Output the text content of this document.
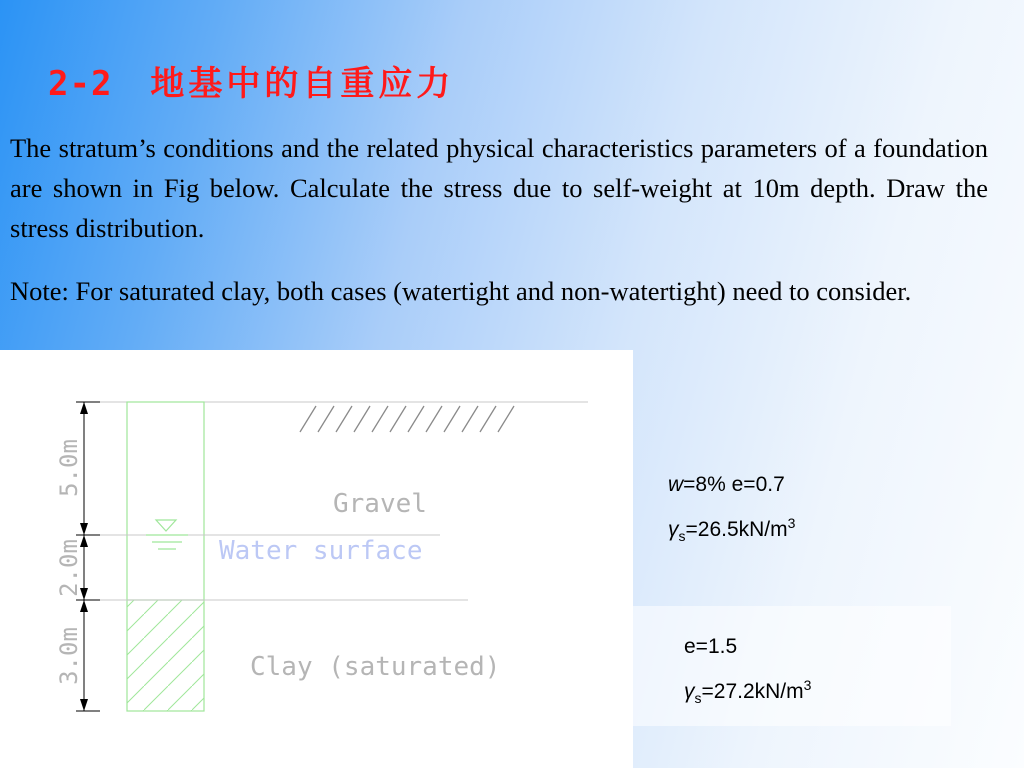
2-2 地基中的自重应力
The stratum’s conditions and the related physical characteristics parameters of a foundation are shown in Fig below. Calculate the stress due to self-weight at 10m depth. Draw the stress distribution.
Note: For saturated clay, both cases (watertight and non-watertight) need to consider.
5.0m
2.0m
3.0m
Gravel
Water surface
Clay (saturated)
w=8% e=0.7
$\gamma_s=26.5kN/m^3$
e=1.5
$\gamma_s=27.2kN/m^3$
